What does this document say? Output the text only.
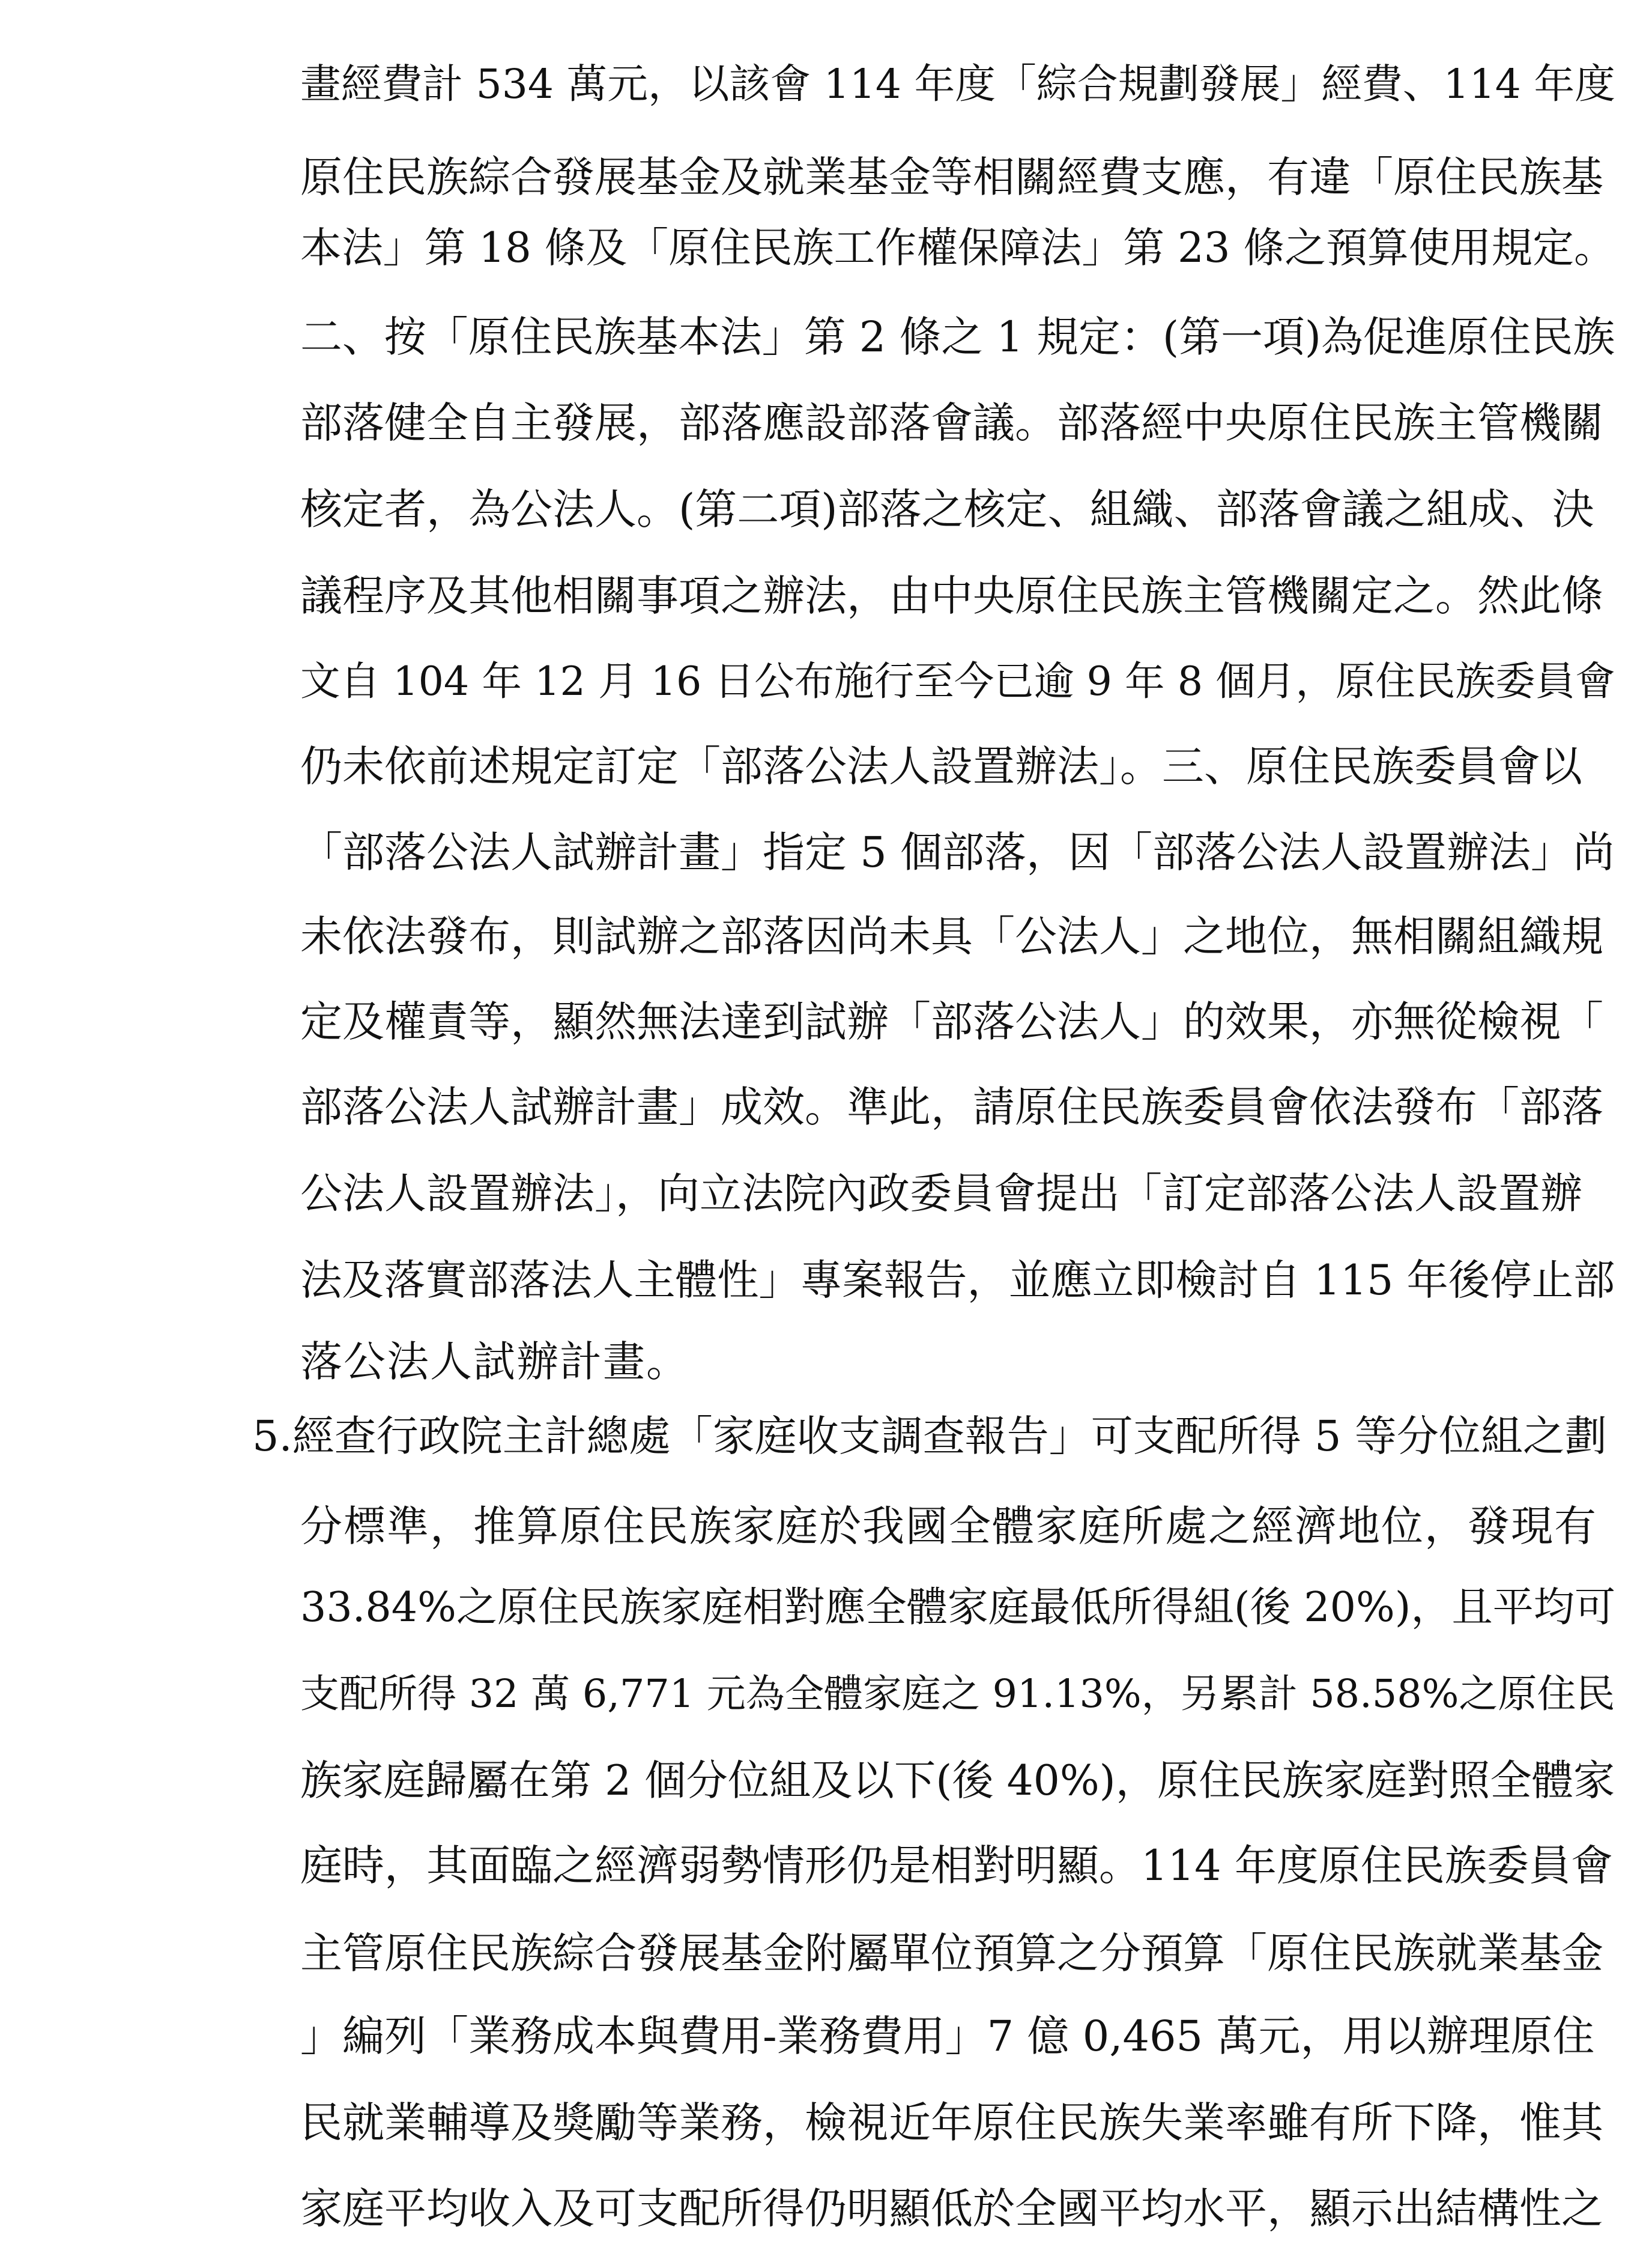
畫經費計 534 萬元，以該會 114 年度「綜合規劃發展」經費、114 年度
原住民族綜合發展基金及就業基金等相關經費支應，有違「原住民族基
本法」第 18 條及「原住民族工作權保障法」第 23 條之預算使用規定。
二、按「原住民族基本法」第 2 條之 1 規定：(第一項)為促進原住民族
部落健全自主發展，部落應設部落會議。部落經中央原住民族主管機關
核定者，為公法人。(第二項)部落之核定、組織、部落會議之組成、決
議程序及其他相關事項之辦法，由中央原住民族主管機關定之。然此條
文自 104 年 12 月 16 日公布施行至今已逾 9 年 8 個月，原住民族委員會
仍未依前述規定訂定「部落公法人設置辦法」。三、原住民族委員會以
「部落公法人試辦計畫」指定 5 個部落，因「部落公法人設置辦法」尚
未依法發布，則試辦之部落因尚未具「公法人」之地位，無相關組織規
定及權責等，顯然無法達到試辦「部落公法人」的效果，亦無從檢視「
部落公法人試辦計畫」成效。準此，請原住民族委員會依法發布「部落
公法人設置辦法」，向立法院內政委員會提出「訂定部落公法人設置辦
法及落實部落法人主體性」專案報告，並應立即檢討自 115 年後停止部
落公法人試辦計畫。
5.經查行政院主計總處「家庭收支調查報告」可支配所得 5 等分位組之劃
分標準，推算原住民族家庭於我國全體家庭所處之經濟地位，發現有
33.84%之原住民族家庭相對應全體家庭最低所得組(後 20%)，且平均可
支配所得 32 萬 6,771 元為全體家庭之 91.13%，另累計 58.58%之原住民
族家庭歸屬在第 2 個分位組及以下(後 40%)，原住民族家庭對照全體家
庭時，其面臨之經濟弱勢情形仍是相對明顯。114 年度原住民族委員會
主管原住民族綜合發展基金附屬單位預算之分預算「原住民族就業基金
」編列「業務成本與費用-業務費用」7 億 0,465 萬元，用以辦理原住
民就業輔導及獎勵等業務，檢視近年原住民族失業率雖有所下降，惟其
家庭平均收入及可支配所得仍明顯低於全國平均水平，顯示出結構性之
